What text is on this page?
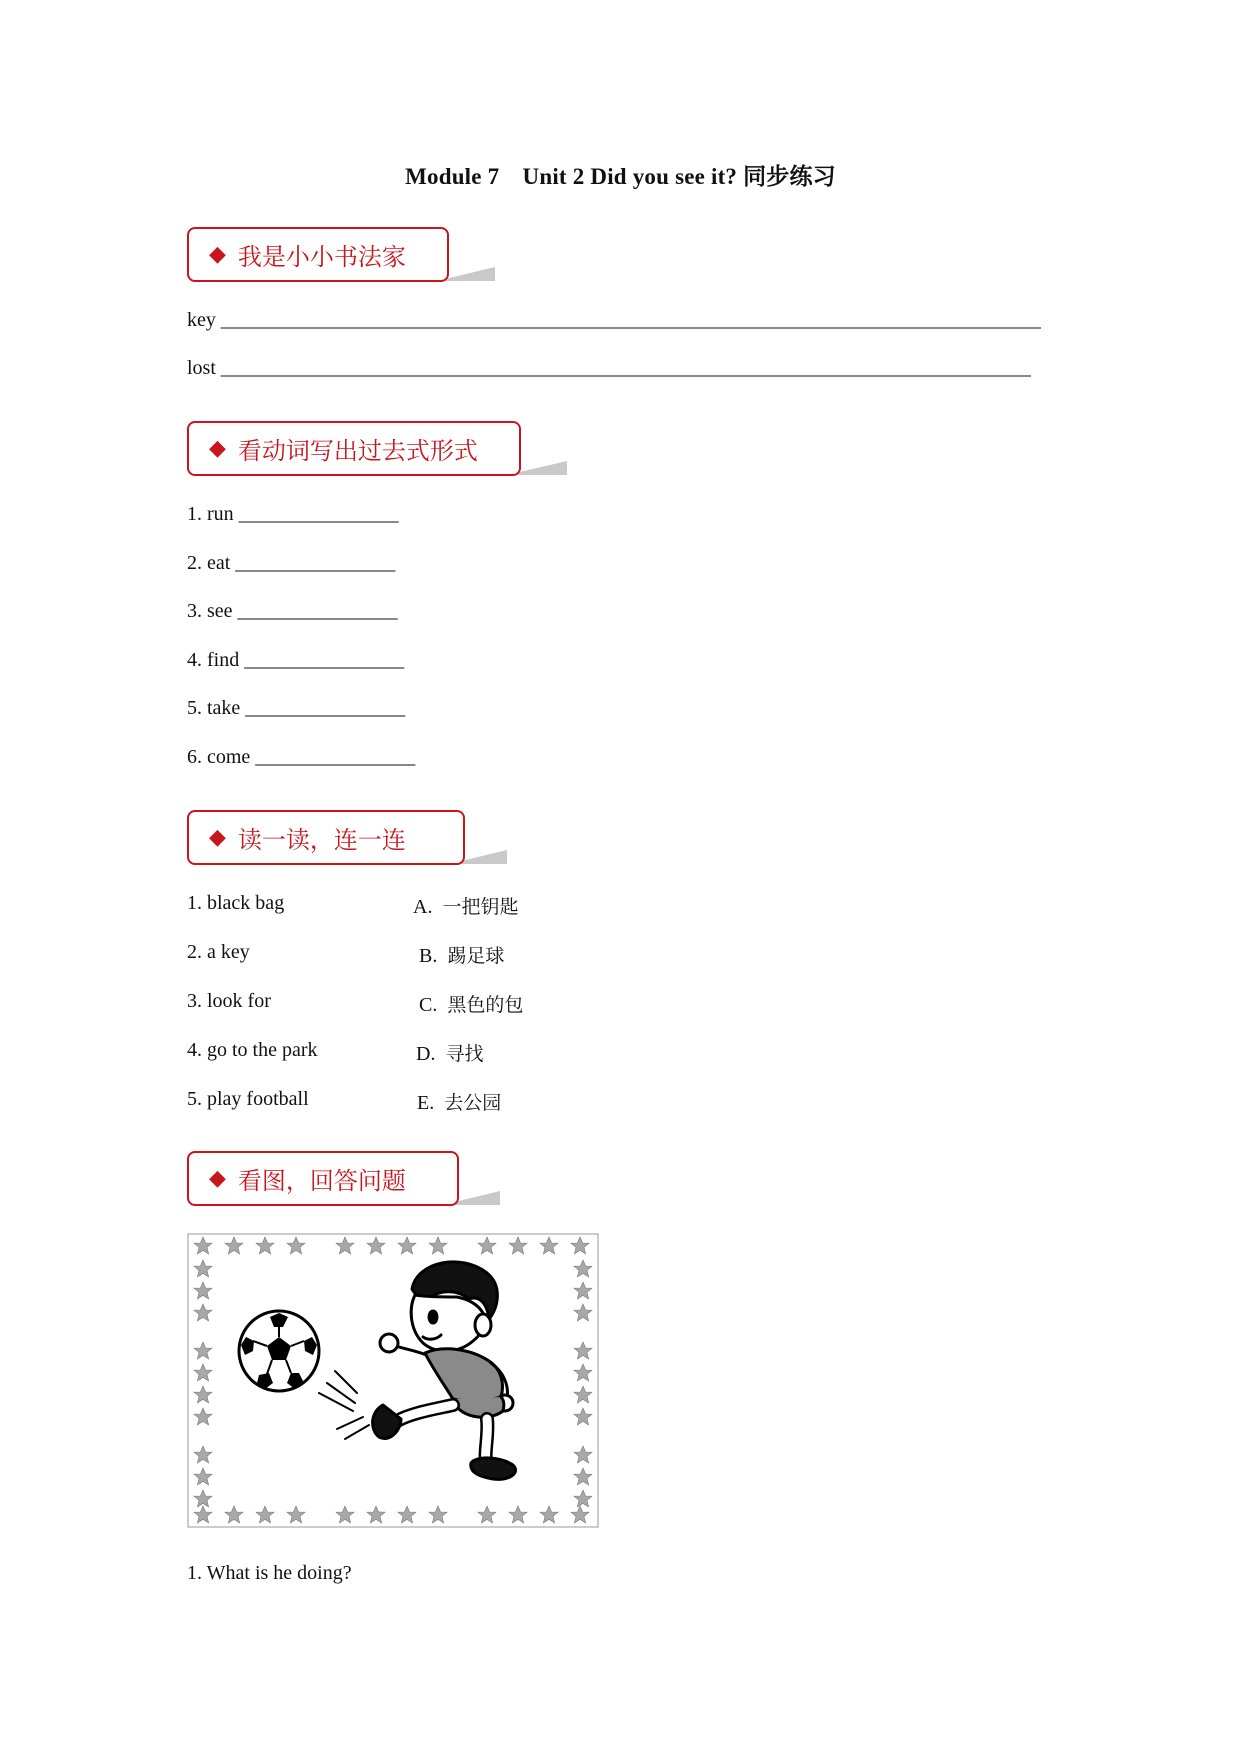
Module 7　Unit 2 Did you see it? 同步练习
◆ 我是小小书法家
key __________________________________________________________________________________
lost _________________________________________________________________________________
◆ 看动词写出过去式形式
1. run ________________
2. eat ________________
3. see ________________
4. find ________________
5. take ________________
6. come ________________
◆ 读一读，连一连
1. black bag
2. a key
3. look for
4. go to the park
5. play football
A. 一把钥匙
B. 踢足球
C. 黑色的包
D. 寻找
E. 去公园
◆ 看图，回答问题
1. What is he doing?
